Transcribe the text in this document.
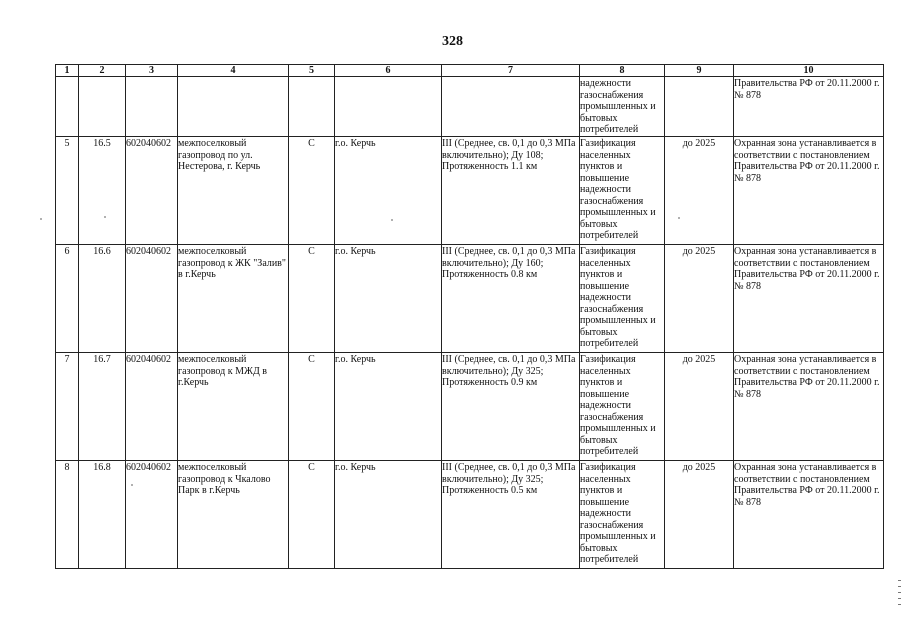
328
1	2	3	4	5	6	7	8	9	10
							надежности газоснабжения промышленных и бытовых потребителей		Правительства РФ от 20.11.2000 г. № 878
5	16.5	602040602	межпоселковый газопровод по ул. Нестерова, г. Керчь	С	г.о. Керчь	III (Среднее, св. 0,1 до 0,3 МПа включительно); Ду 108; Протяженность 1.1 км	Газификация населенных пунктов и повышение надежности газоснабжения промышленных и бытовых потребителей	до 2025	Охранная зона устанавливается в соответствии с постановлением Правительства РФ от 20.11.2000 г. № 878
6	16.6	602040602	межпоселковый газопровод к ЖК "Залив" в г.Керчь	С	г.о. Керчь	III (Среднее, св. 0,1 до 0,3 МПа включительно); Ду 160; Протяженность 0.8 км	Газификация населенных пунктов и повышение надежности газоснабжения промышленных и бытовых потребителей	до 2025	Охранная зона устанавливается в соответствии с постановлением Правительства РФ от 20.11.2000 г. № 878
7	16.7	602040602	межпоселковый газопровод к МЖД в г.Керчь	С	г.о. Керчь	III (Среднее, св. 0,1 до 0,3 МПа включительно); Ду 325; Протяженность 0.9 км	Газификация населенных пунктов и повышение надежности газоснабжения промышленных и бытовых потребителей	до 2025	Охранная зона устанавливается в соответствии с постановлением Правительства РФ от 20.11.2000 г. № 878
8	16.8	602040602	межпоселковый газопровод к Чкалово Парк в г.Керчь	С	г.о. Керчь	III (Среднее, св. 0,1 до 0,3 МПа включительно); Ду 325; Протяженность 0.5 км	Газификация населенных пунктов и повышение надежности газоснабжения промышленных и бытовых потребителей	до 2025	Охранная зона устанавливается в соответствии с постановлением Правительства РФ от 20.11.2000 г. № 878
